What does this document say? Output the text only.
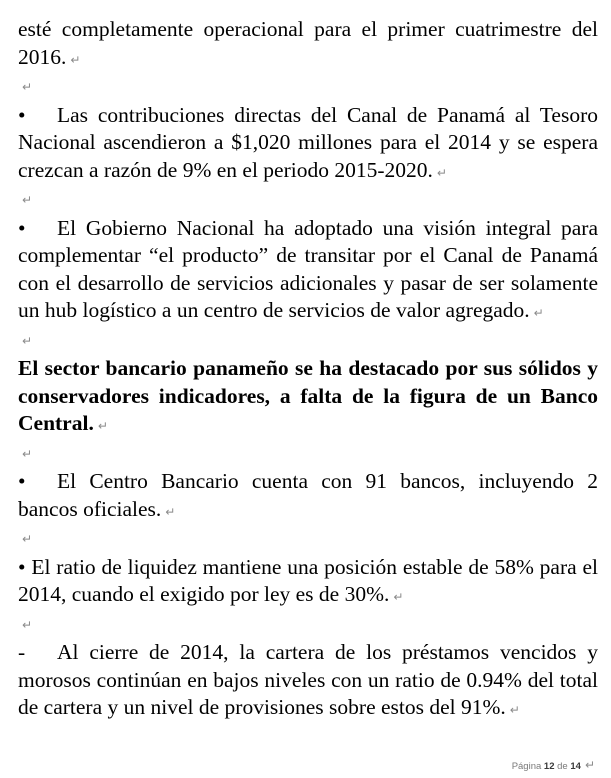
esté completamente operacional para el primer cuatrimestre del 2016. ↵

↵

• Las contribuciones directas del Canal de Panamá al Tesoro Nacional ascendieron a $1,020 millones para el 2014 y se espera crezcan a razón de 9% en el periodo 2015-2020. ↵

↵

• El Gobierno Nacional ha adoptado una visión integral para complementar “el producto” de transitar por el Canal de Panamá con el desarrollo de servicios adicionales y pasar de ser solamente un hub logístico a un centro de servicios de valor agregado. ↵

↵

El sector bancario panameño se ha destacado por sus sólidos y conservadores indicadores, a falta de la figura de un Banco Central. ↵

↵

• El Centro Bancario cuenta con 91 bancos, incluyendo 2 bancos oficiales. ↵

↵

• El ratio de liquidez mantiene una posición estable de 58% para el 2014, cuando el exigido por ley es de 30%. ↵

↵

- Al cierre de 2014, la cartera de los préstamos vencidos y morosos continúan en bajos niveles con un ratio de 0.94% del total de cartera y un nivel de provisiones sobre estos del 91%. ↵

Página 12 de 14 ↵
